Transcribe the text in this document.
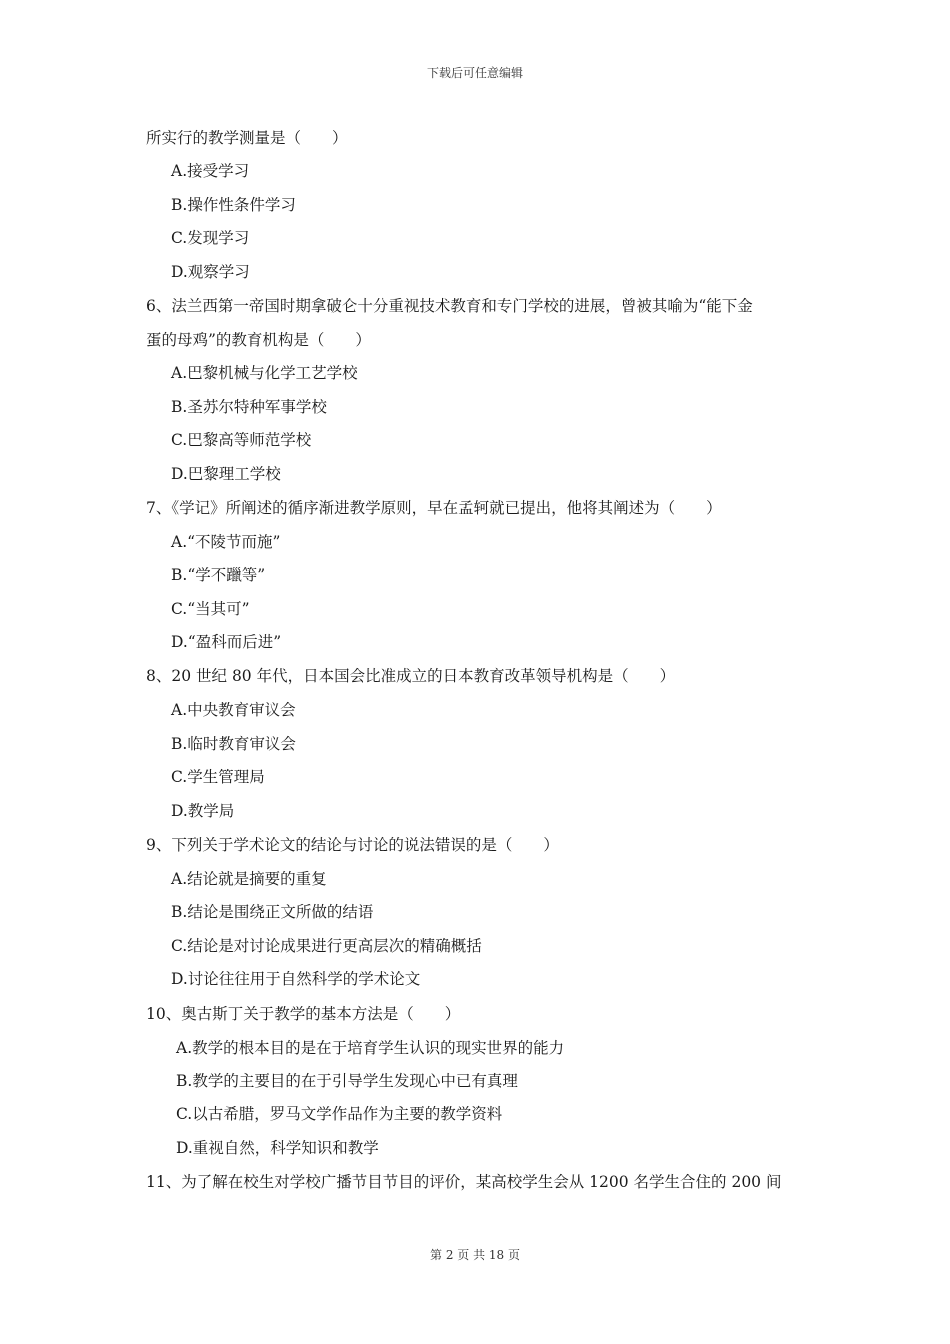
下载后可任意编辑
所实行的教学测量是（　　）
A.接受学习
B.操作性条件学习
C.发现学习
D.观察学习
6、法兰西第一帝国时期拿破仑十分重视技术教育和专门学校的进展，曾被其喻为“能下金
蛋的母鸡”的教育机构是（　　）
A.巴黎机械与化学工艺学校
B.圣苏尔特种军事学校
C.巴黎高等师范学校
D.巴黎理工学校
7、《学记》所阐述的循序渐进教学原则，早在孟轲就已提出，他将其阐述为（　　）
A.“不陵节而施”
B.“学不躐等”
C.“当其可”
D.“盈科而后进”
8、20 世纪 80 年代，日本国会比准成立的日本教育改革领导机构是（　　）
A.中央教育审议会
B.临时教育审议会
C.学生管理局
D.教学局
9、下列关于学术论文的结论与讨论的说法错误的是（　　）
A.结论就是摘要的重复
B.结论是围绕正文所做的结语
C.结论是对讨论成果进行更高层次的精确概括
D.讨论往往用于自然科学的学术论文
10、奥古斯丁关于教学的基本方法是（　　）
A.教学的根本目的是在于培育学生认识的现实世界的能力
B.教学的主要目的在于引导学生发现心中已有真理
C.以古希腊，罗马文学作品作为主要的教学资料
D.重视自然，科学知识和教学
11、为了解在校生对学校广播节目节目的评价，某高校学生会从 1200 名学生合住的 200 间
第 2 页 共 18 页
